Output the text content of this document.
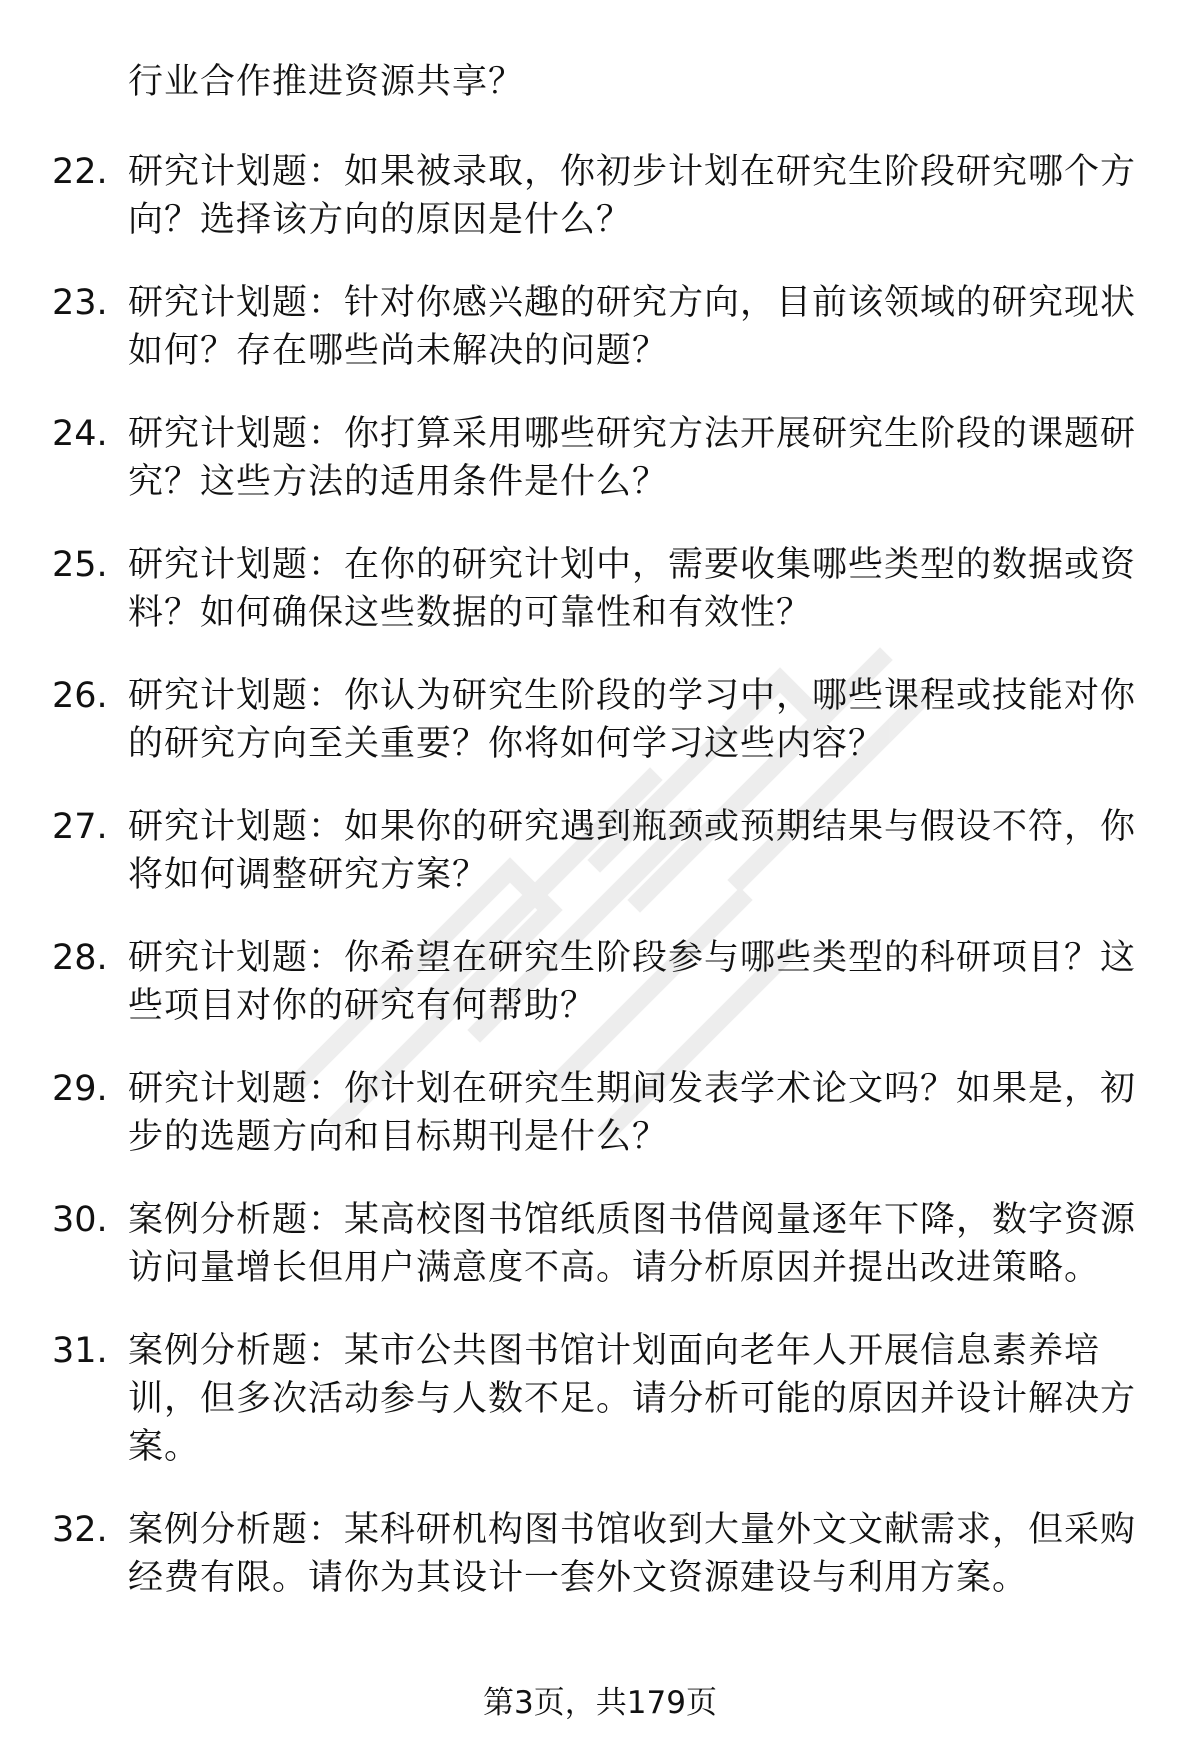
行业合作推进资源共享？
22. 研究计划题：如果被录取，你初步计划在研究生阶段研究哪个方向？选择该方向的原因是什么？
23. 研究计划题：针对你感兴趣的研究方向，目前该领域的研究现状如何？存在哪些尚未解决的问题？
24. 研究计划题：你打算采用哪些研究方法开展研究生阶段的课题研究？这些方法的适用条件是什么？
25. 研究计划题：在你的研究计划中，需要收集哪些类型的数据或资料？如何确保这些数据的可靠性和有效性？
26. 研究计划题：你认为研究生阶段的学习中，哪些课程或技能对你的研究方向至关重要？你将如何学习这些内容？
27. 研究计划题：如果你的研究遇到瓶颈或预期结果与假设不符，你将如何调整研究方案？
28. 研究计划题：你希望在研究生阶段参与哪些类型的科研项目？这些项目对你的研究有何帮助？
29. 研究计划题：你计划在研究生期间发表学术论文吗？如果是，初步的选题方向和目标期刊是什么？
30. 案例分析题：某高校图书馆纸质图书借阅量逐年下降，数字资源访问量增长但用户满意度不高。请分析原因并提出改进策略。
31. 案例分析题：某市公共图书馆计划面向老年人开展信息素养培训，但多次活动参与人数不足。请分析可能的原因并设计解决方案。
32. 案例分析题：某科研机构图书馆收到大量外文文献需求，但采购经费有限。请你为其设计一套外文资源建设与利用方案。
第3页，共179页
